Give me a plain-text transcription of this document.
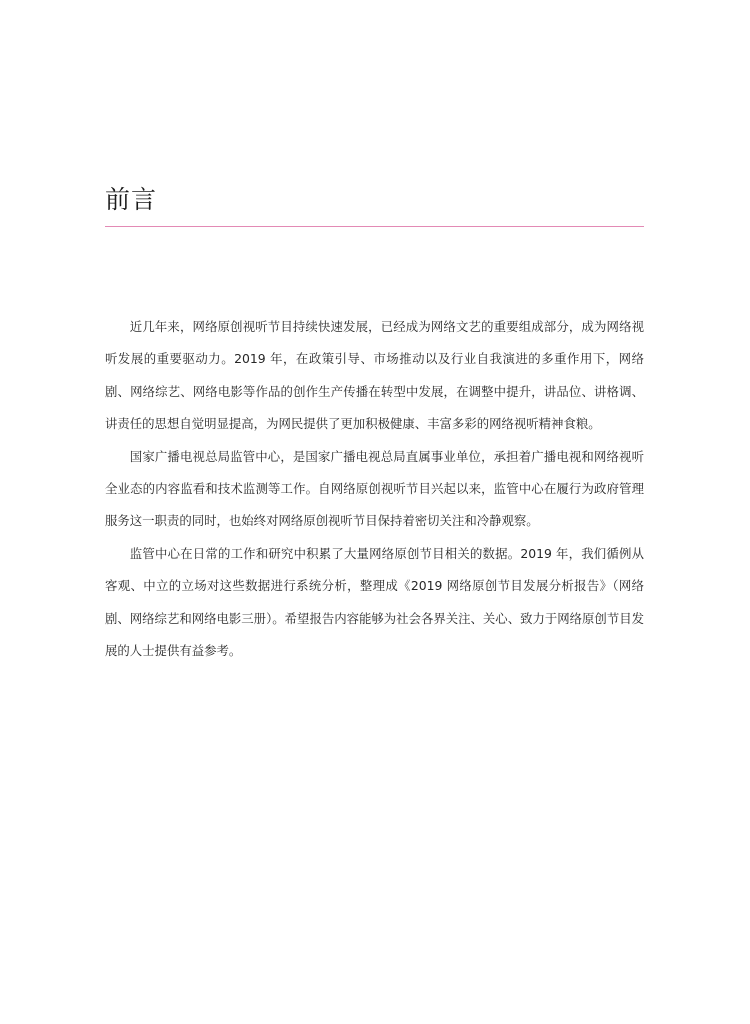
前言

近几年来，网络原创视听节目持续快速发展，已经成为网络文艺的重要组成部分，成为网络视听发展的重要驱动力。2019 年，在政策引导、市场推动以及行业自我演进的多重作用下，网络剧、网络综艺、网络电影等作品的创作生产传播在转型中发展，在调整中提升，讲品位、讲格调、讲责任的思想自觉明显提高，为网民提供了更加积极健康、丰富多彩的网络视听精神食粮。

国家广播电视总局监管中心，是国家广播电视总局直属事业单位，承担着广播电视和网络视听全业态的内容监看和技术监测等工作。自网络原创视听节目兴起以来，监管中心在履行为政府管理服务这一职责的同时，也始终对网络原创视听节目保持着密切关注和冷静观察。

监管中心在日常的工作和研究中积累了大量网络原创节目相关的数据。2019 年，我们循例从客观、中立的立场对这些数据进行系统分析，整理成《2019 网络原创节目发展分析报告》（网络剧、网络综艺和网络电影三册）。希望报告内容能够为社会各界关注、关心、致力于网络原创节目发展的人士提供有益参考。
